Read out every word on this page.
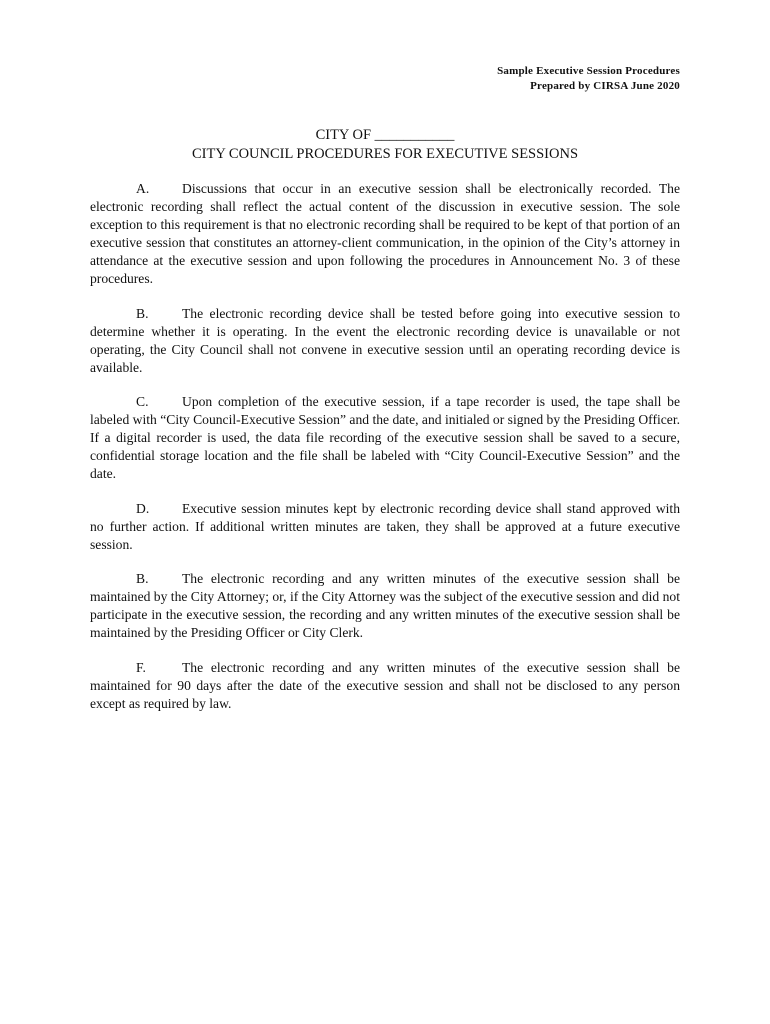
Sample Executive Session Procedures
Prepared by CIRSA June 2020
CITY OF ___________
CITY COUNCIL PROCEDURES FOR EXECUTIVE SESSIONS

A. Discussions that occur in an executive session shall be electronically recorded. The electronic recording shall reflect the actual content of the discussion in executive session. The sole exception to this requirement is that no electronic recording shall be required to be kept of that portion of an executive session that constitutes an attorney-client communication, in the opinion of the City’s attorney in attendance at the executive session and upon following the procedures in Announcement No. 3 of these procedures.

B. The electronic recording device shall be tested before going into executive session to determine whether it is operating. In the event the electronic recording device is unavailable or not operating, the City Council shall not convene in executive session until an operating recording device is available.

C. Upon completion of the executive session, if a tape recorder is used, the tape shall be labeled with “City Council-Executive Session” and the date, and initialed or signed by the Presiding Officer. If a digital recorder is used, the data file recording of the executive session shall be saved to a secure, confidential storage location and the file shall be labeled with “City Council-Executive Session” and the date.

D. Executive session minutes kept by electronic recording device shall stand approved with no further action. If additional written minutes are taken, they shall be approved at a future executive session.

B. The electronic recording and any written minutes of the executive session shall be maintained by the City Attorney; or, if the City Attorney was the subject of the executive session and did not participate in the executive session, the recording and any written minutes of the executive session shall be maintained by the Presiding Officer or City Clerk.

F.	The electronic recording and any written minutes of the executive session shall be maintained for 90 days after the date of the executive session and shall not be disclosed to any person except as required by law.
